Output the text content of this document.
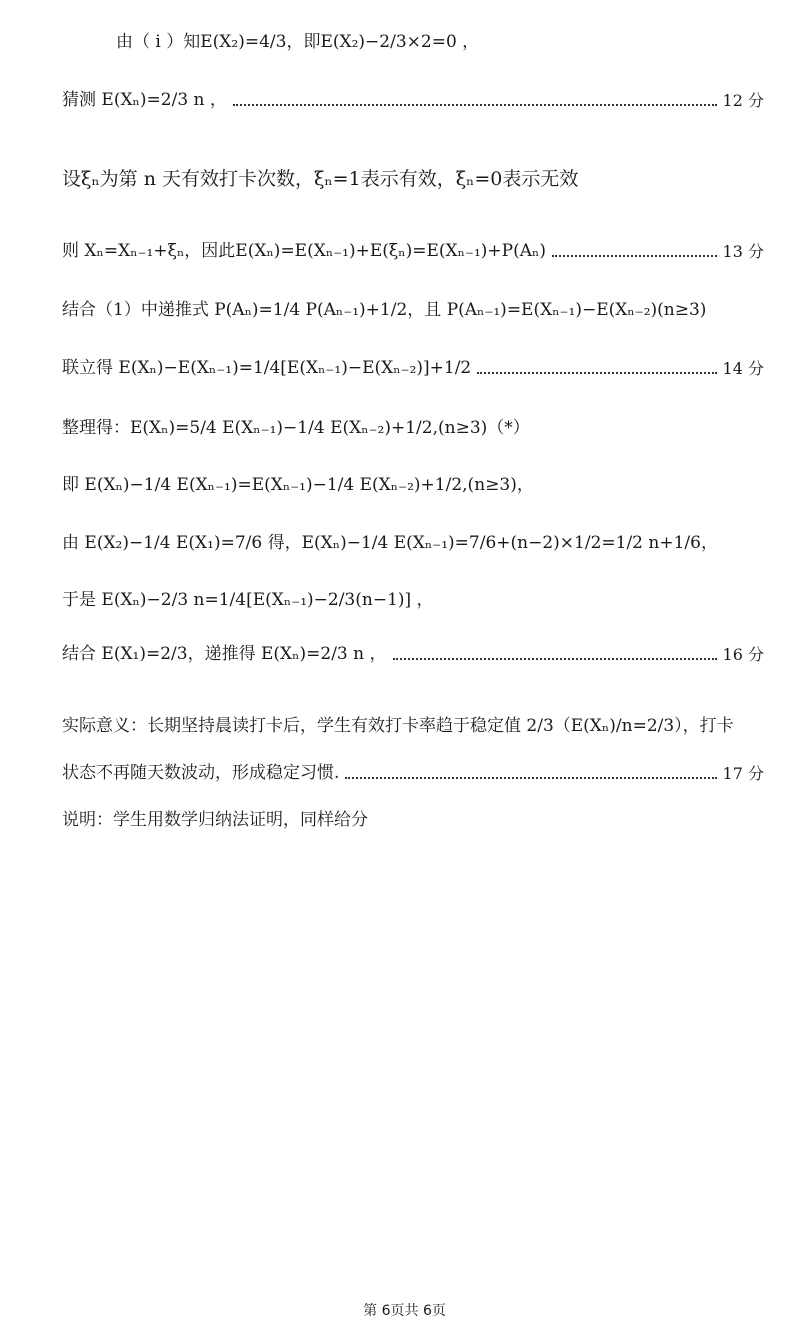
由（ i ）知E(X₂)=4/3，即E(X₂)−2/3×2=0 ，
猜测 E(Xₙ)=2/3 n ，	12 分
设ξₙ为第 n 天有效打卡次数，ξₙ=1表示有效，ξₙ=0表示无效
则 Xₙ=Xₙ₋₁+ξₙ，因此E(Xₙ)=E(Xₙ₋₁)+E(ξₙ)=E(Xₙ₋₁)+P(Aₙ)	13 分
结合（1）中递推式 P(Aₙ)=1/4 P(Aₙ₋₁)+1/2，且 P(Aₙ₋₁)=E(Xₙ₋₁)−E(Xₙ₋₂)(n≥3)
联立得 E(Xₙ)−E(Xₙ₋₁)=1/4[E(Xₙ₋₁)−E(Xₙ₋₂)]+1/2	14 分
整理得：E(Xₙ)=5/4 E(Xₙ₋₁)−1/4 E(Xₙ₋₂)+1/2,(n≥3)（*）
即 E(Xₙ)−1/4 E(Xₙ₋₁)=E(Xₙ₋₁)−1/4 E(Xₙ₋₂)+1/2,(n≥3)，
由 E(X₂)−1/4 E(X₁)=7/6 得，E(Xₙ)−1/4 E(Xₙ₋₁)=7/6+(n−2)×1/2=1/2 n+1/6，
于是 E(Xₙ)−2/3 n=1/4[E(Xₙ₋₁)−2/3(n−1)] ，
结合 E(X₁)=2/3，递推得 E(Xₙ)=2/3 n ，	16 分
实际意义：长期坚持晨读打卡后，学生有效打卡率趋于稳定值 2/3（E(Xₙ)/n=2/3），打卡
状态不再随天数波动，形成稳定习惯.	17 分
说明：学生用数学归纳法证明，同样给分
第 6页共 6页
